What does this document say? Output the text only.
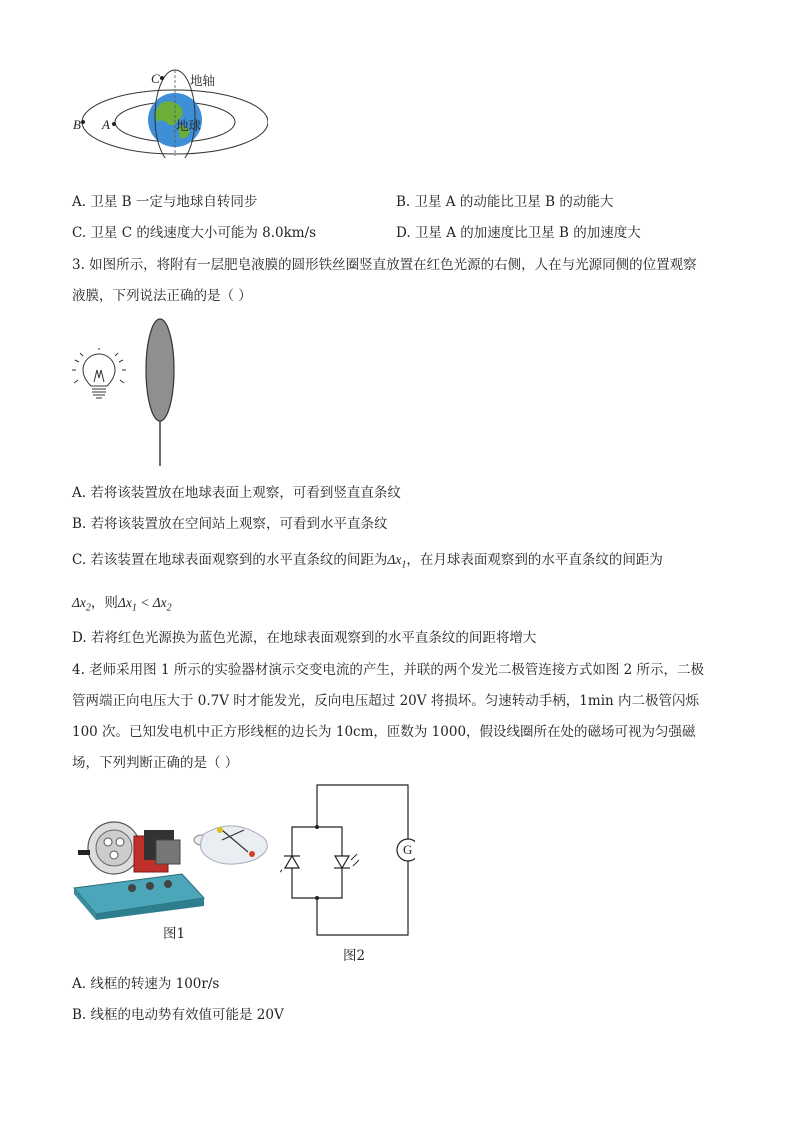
C
B A
地轴
地球
A. 卫星 B 一定与地球自转同步	B. 卫星 A 的动能比卫星 B 的动能大
C. 卫星 C 的线速度大小可能为 8.0km/s	D. 卫星 A 的加速度比卫星 B 的加速度大
3. 如图所示，将附有一层肥皂液膜的圆形铁丝圈竖直放置在红色光源的右侧，人在与光源同侧的位置观察
液膜，下列说法正确的是（ ）
A. 若将该装置放在地球表面上观察，可看到竖直直条纹
B. 若将该装置放在空间站上观察，可看到水平直条纹
C. 若该装置在地球表面观察到的水平直条纹的间距为$\Delta x_1$，在月球表面观察到的水平直条纹的间距为
$\Delta x_2$，则$\Delta x_1 < \Delta x_2$
D. 若将红色光源换为蓝色光源，在地球表面观察到的水平直条纹的间距将增大
4. 老师采用图 1 所示的实验器材演示交变电流的产生，并联的两个发光二极管连接方式如图 2 所示，二极
管两端正向电压大于 0.7V 时才能发光，反向电压超过 20V 将损坏。匀速转动手柄，1min 内二极管闪烁
100 次。已知发电机中正方形线框的边长为 10cm，匝数为 1000，假设线圈所在处的磁场可视为匀强磁
场，下列判断正确的是（ ）
图1
G
图2
A. 线框的转速为 100r/s
B. 线框的电动势有效值可能是 20V
